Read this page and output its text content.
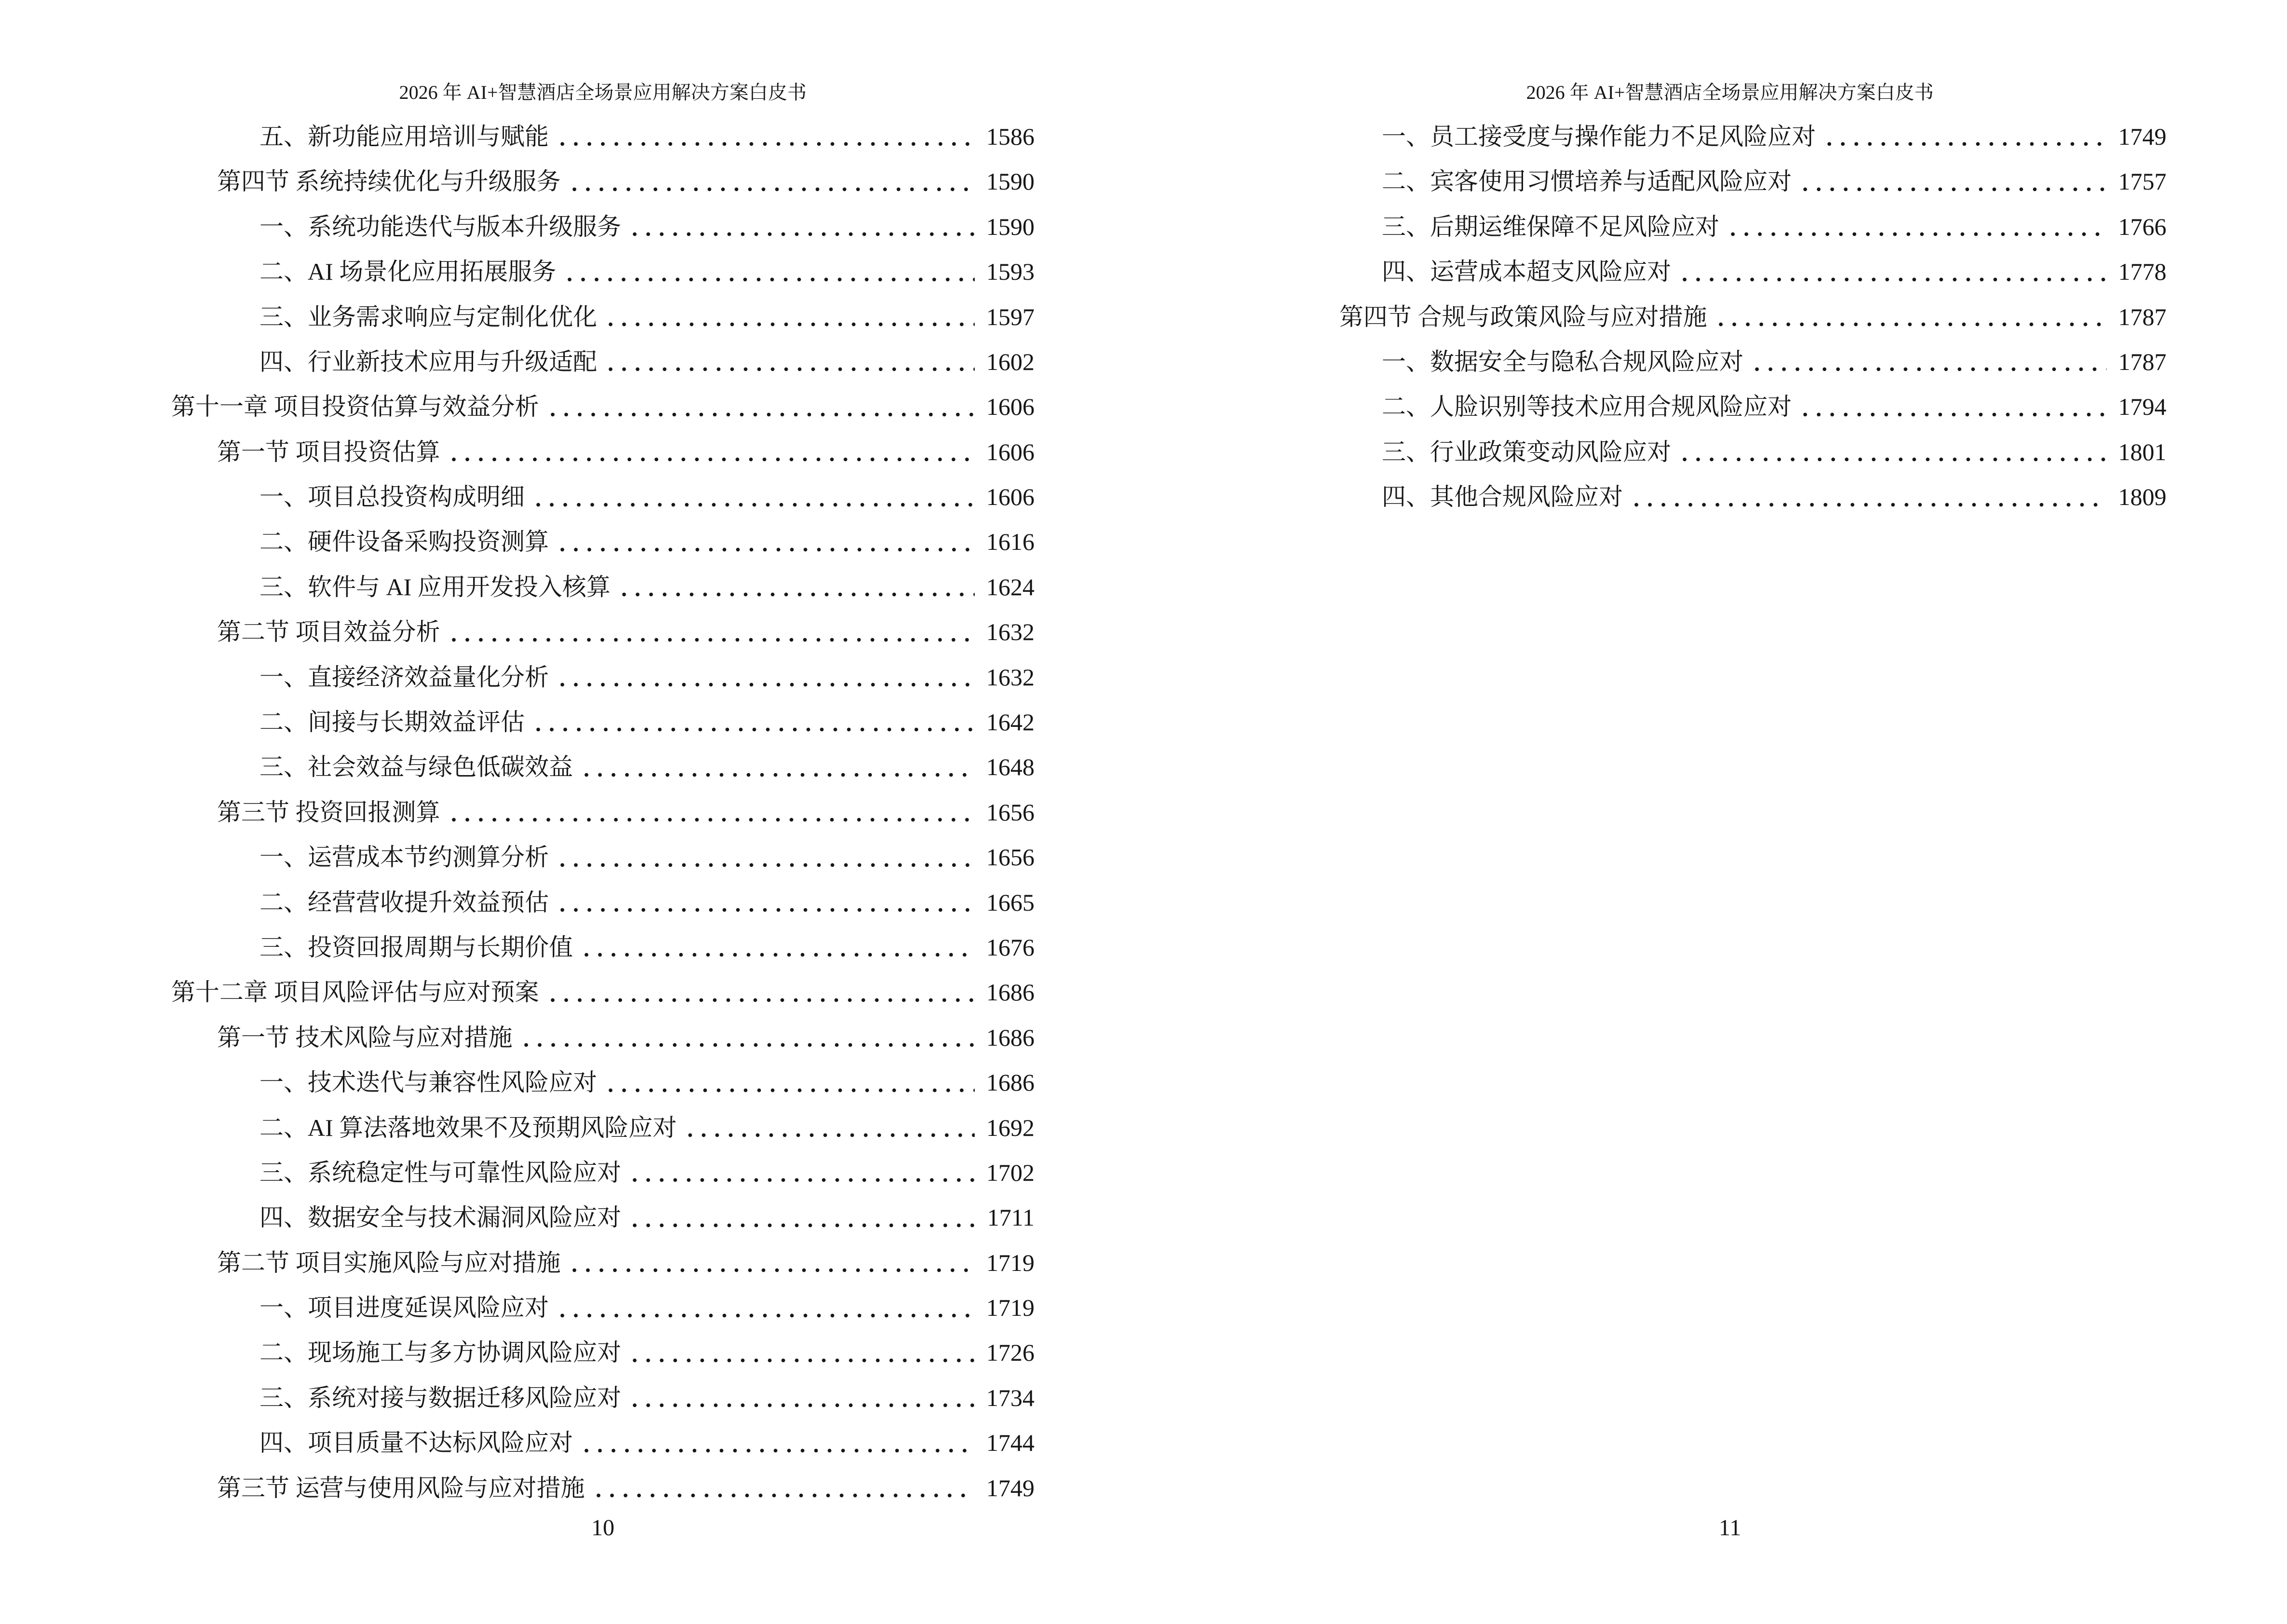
2026 年 AI+智慧酒店全场景应用解决方案白皮书
五、新功能应用培训与赋能	1586
第四节 系统持续优化与升级服务	1590
一、系统功能迭代与版本升级服务	1590
二、AI 场景化应用拓展服务	1593
三、业务需求响应与定制化优化	1597
四、行业新技术应用与升级适配	1602
第十一章 项目投资估算与效益分析	1606
第一节 项目投资估算	1606
一、项目总投资构成明细	1606
二、硬件设备采购投资测算	1616
三、软件与 AI 应用开发投入核算	1624
第二节 项目效益分析	1632
一、直接经济效益量化分析	1632
二、间接与长期效益评估	1642
三、社会效益与绿色低碳效益	1648
第三节 投资回报测算	1656
一、运营成本节约测算分析	1656
二、经营营收提升效益预估	1665
三、投资回报周期与长期价值	1676
第十二章 项目风险评估与应对预案	1686
第一节 技术风险与应对措施	1686
一、技术迭代与兼容性风险应对	1686
二、AI 算法落地效果不及预期风险应对	1692
三、系统稳定性与可靠性风险应对	1702
四、数据安全与技术漏洞风险应对	1711
第二节 项目实施风险与应对措施	1719
一、项目进度延误风险应对	1719
二、现场施工与多方协调风险应对	1726
三、系统对接与数据迁移风险应对	1734
四、项目质量不达标风险应对	1744
第三节 运营与使用风险与应对措施	1749
10
2026 年 AI+智慧酒店全场景应用解决方案白皮书
一、员工接受度与操作能力不足风险应对	1749
二、宾客使用习惯培养与适配风险应对	1757
三、后期运维保障不足风险应对	1766
四、运营成本超支风险应对	1778
第四节 合规与政策风险与应对措施	1787
一、数据安全与隐私合规风险应对	1787
二、人脸识别等技术应用合规风险应对	1794
三、行业政策变动风险应对	1801
四、其他合规风险应对	1809
11
